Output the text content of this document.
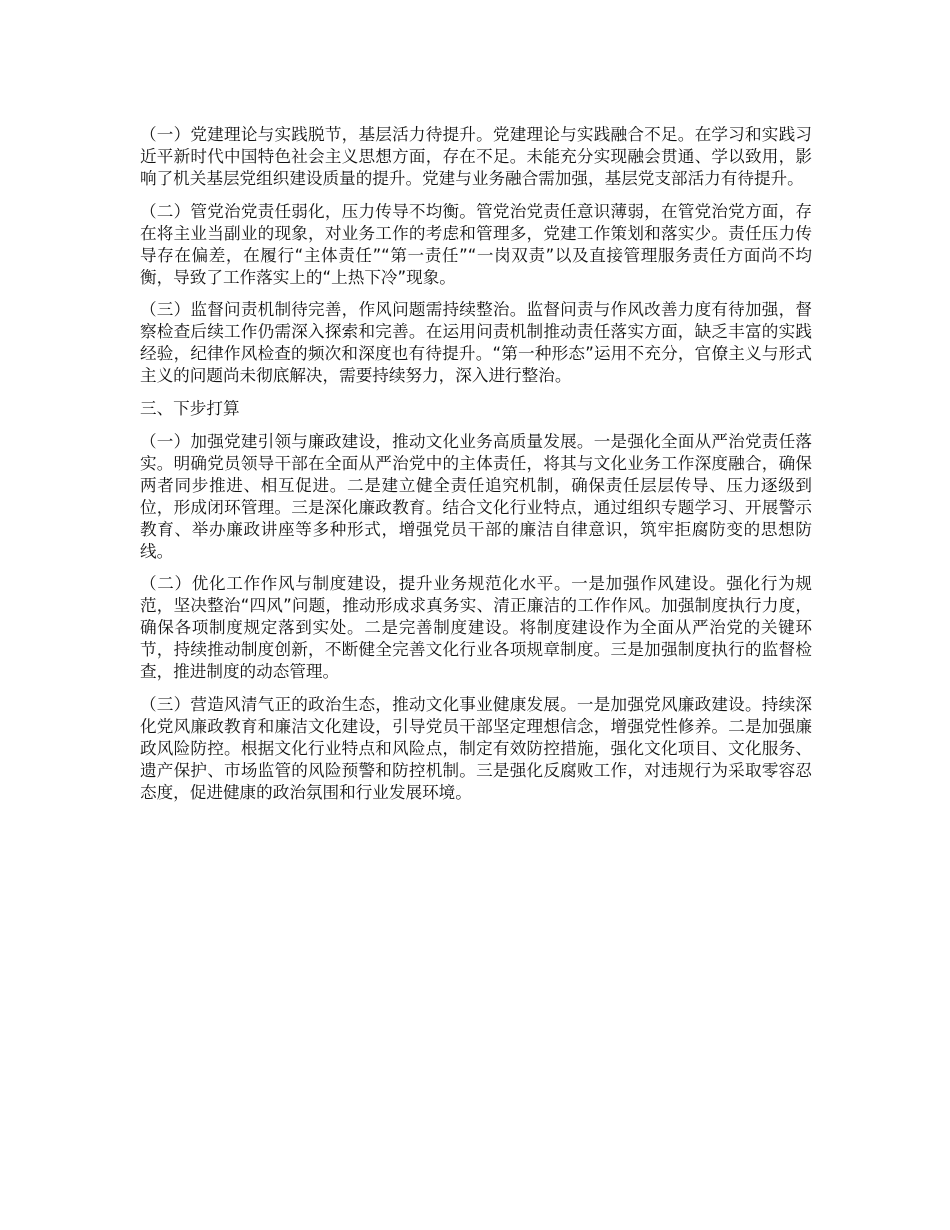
（一）党建理论与实践脱节，基层活力待提升。党建理论与实践融合不足。在学习和实践习近平新时代中国特色社会主义思想方面，存在不足。未能充分实现融会贯通、学以致用，影响了机关基层党组织建设质量的提升。党建与业务融合需加强，基层党支部活力有待提升。

（二）管党治党责任弱化，压力传导不均衡。管党治党责任意识薄弱，在管党治党方面，存在将主业当副业的现象，对业务工作的考虑和管理多，党建工作策划和落实少。责任压力传导存在偏差，在履行“主体责任”“第一责任”“一岗双责”以及直接管理服务责任方面尚不均衡，导致了工作落实上的“上热下冷”现象。

（三）监督问责机制待完善，作风问题需持续整治。监督问责与作风改善力度有待加强，督察检查后续工作仍需深入探索和完善。在运用问责机制推动责任落实方面，缺乏丰富的实践经验，纪律作风检查的频次和深度也有待提升。“第一种形态”运用不充分，官僚主义与形式主义的问题尚未彻底解决，需要持续努力，深入进行整治。

三、下步打算

（一）加强党建引领与廉政建设，推动文化业务高质量发展。一是强化全面从严治党责任落实。明确党员领导干部在全面从严治党中的主体责任，将其与文化业务工作深度融合，确保两者同步推进、相互促进。二是建立健全责任追究机制，确保责任层层传导、压力逐级到位，形成闭环管理。三是深化廉政教育。结合文化行业特点，通过组织专题学习、开展警示教育、举办廉政讲座等多种形式，增强党员干部的廉洁自律意识，筑牢拒腐防变的思想防线。

（二）优化工作作风与制度建设，提升业务规范化水平。一是加强作风建设。强化行为规范，坚决整治“四风”问题，推动形成求真务实、清正廉洁的工作作风。加强制度执行力度，确保各项制度规定落到实处。二是完善制度建设。将制度建设作为全面从严治党的关键环节，持续推动制度创新，不断健全完善文化行业各项规章制度。三是加强制度执行的监督检查，推进制度的动态管理。

（三）营造风清气正的政治生态，推动文化事业健康发展。一是加强党风廉政建设。持续深化党风廉政教育和廉洁文化建设，引导党员干部坚定理想信念，增强党性修养。二是加强廉政风险防控。根据文化行业特点和风险点，制定有效防控措施，强化文化项目、文化服务、遗产保护、市场监管的风险预警和防控机制。三是强化反腐败工作，对违规行为采取零容忍态度，促进健康的政治氛围和行业发展环境。
